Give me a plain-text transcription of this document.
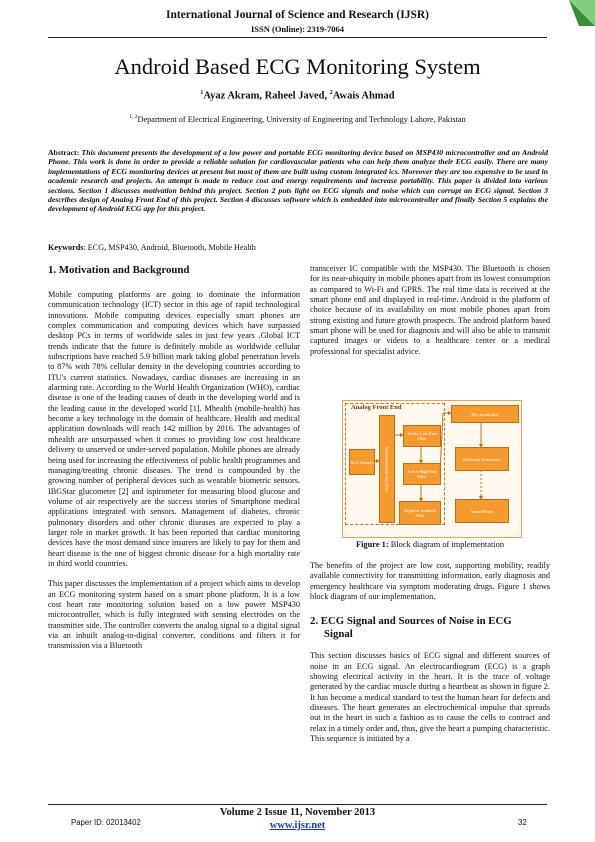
International Journal of Science and Research (IJSR)
ISSN (Online): 2319-7064
Android Based ECG Monitoring System
$^1$Ayaz Akram, Raheel Javed, $^2$Awais Ahmad
$^{1, 2}$Department of Electrical Engineering, University of Engineering and Technology Lahore, Pakistan
Abstract: This document presents the development of a low power and portable ECG monitoring device based on MSP430 microcontroller and an Android Phone. This work is done in order to provide a reliable solution for cardiovascular patients who can help them analyze their ECG easily. There are many implementations of ECG monitoring devices at present but most of them are built using custom integrated ics. Moreover they are too expensive to be used in academic research and projects. An attempt is made to reduce cost and energy requirements and increase portability. This paper is divided into various sections. Section 1 discusses motivation behind this project. Section 2 puts light on ECG signals and noise which can corrupt an ECG signal. Section 3 describes design of Analog Front End of this project. Section 4 discusses software which is embedded into microcontroller and finally Section 5 explains the development of Android ECG app for this project.
Keywords: ECG, MSP430, Android, Bluetooth, Mobile Health
1. Motivation and Background

Mobile computing platforms are going to dominate the information communication technology (ICT) sector in this age of rapid technological innovations. Mobile computing devices especially smart phones are complex communication and computing devices which have surpassed desktop PCs in terms of worldwide sales in just few years .Global ICT trends indicate that the future is definitely mobile as worldwide cellular subscriptions have reached 5.9 billion mark taking global penetration levels to 87% with 78% cellular density in the developing countries according to ITU's current statistics. Nowadays, cardiac diseases are increasing in an alarming rate. According to the World Health Organization (WHO), cardiac disease is one of the leading causes of death in the developing world and is the leading cause in the developed world [1]. Mhealth (mobile-health) has become a key technology in the domain of healthcare. Health and medical application downloads will reach 142 million by 2016. The advantages of mhealth are unsurpassed when it comes to providing low cost healthcare delivery to unserved or under-served population. Mobile phones are already being used for increasing the effectiveness of public health programmes and managing/treating chronic diseases. The trend is compounded by the growing number of peripheral devices such as wearable biometric sensors. IBGStar glucometer [2] and ispirometer for measuring blood glucose and volume of air respectively are the success stories of Smartphone medical applications integrated with sensors. Management of diabetes, chronic pulmonary disorders and other chronic diseases are expected to play a larger role in market growth. It has been reported that cardiac monitoring devices have the most demand since insurers are likely to pay for them and heart disease is the one of biggest chronic disease for a high mortality rate in third world countries.

This paper discusses the implementation of a project which aims to develop an ECG monitoring system based on a smart phone platform. It is a low cost heart rate monitoring solution based on a low power MSP430 microcontroller, which is fully integrated with sensing electrodes on the transmitter side. The controller converts the analog signal to a digital signal via an inbuilt analog-to-digital converter, conditions and filters it for transmission via a Bluetooth

transceiver IC compatible with the MSP430. The Bluetooth is chosen for its near-ubiquity in mobile phones apart from its lowest consumption as compared to Wi-Fi and GPRS. The real time data is received at the smart phone end and displayed in real-time. Android is the platform of choice because of its availability on most mobile phones apart from strong existing and future growth prospects. The android platform based smart phone will be used for diagnosis and will also be able to transmit captured images or videos to a healthcare center or a medical professional for specialist advice.

Analog Front End
ECG Sensors	Instrumentation Amplifier
Active Low Pass Filter
Active High Pass Filter
Negative feedback Path
Microcontroller
Bluetooth Transceiver
Smart Phone
Figure 1: Block diagram of implementation

The benefits of the project are low cost, supporting mobility, readily available connectivity for transmitting information, early diagnosis and emergency healthcare via symptom moderating drugs. Figure 1 shows block diagram of our implementation.

2. ECG Signal and Sources of Noise in ECG
Signal

This section discusses basics of ECG signal and different sources of noise in an ECG signal. An electrocardiogram (ECG) is a graph showing electrical activity in the heart. It is the trace of voltage generated by the cardiac muscle during a heartbeat as shown in figure 2. It has become a medical standard to test the human heart for defects and diseases. The heart generates an electrochemical impulse that spreads out in the heart in such a fashion as to cause the cells to contract and relax in a timely order and, thus, give the heart a pumping characteristic. This sequence is initiated by a

Volume 2 Issue 11, November 2013
Paper ID: 02013402	32
www.ijsr.net
